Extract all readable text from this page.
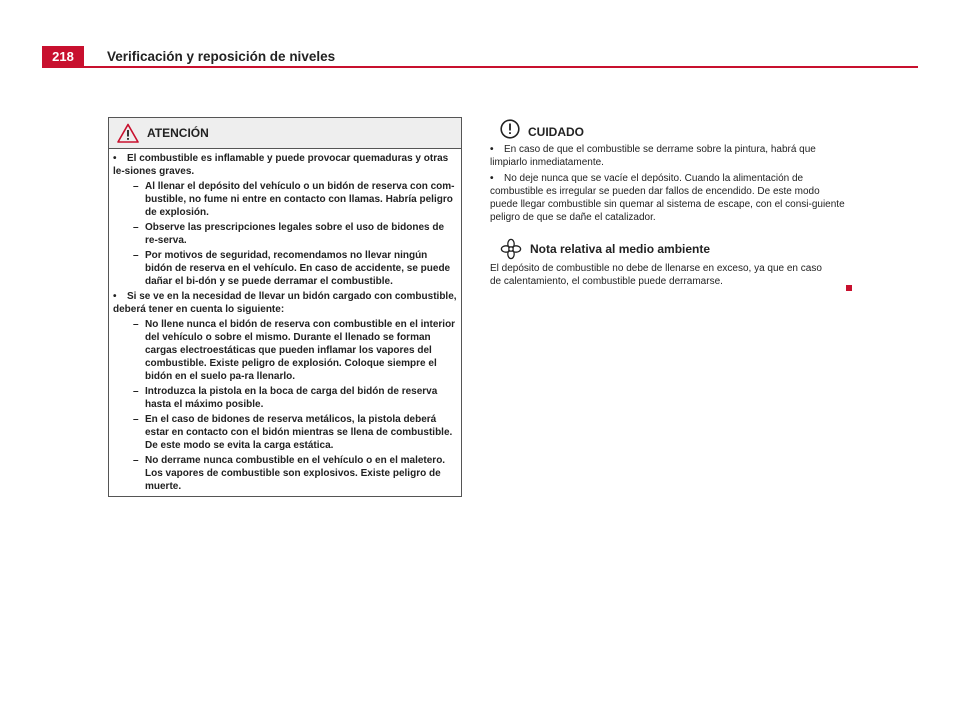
218	Verificación y reposición de niveles
ATENCIÓN
• El combustible es inflamable y puede provocar quemaduras y otras le-siones graves.
– Al llenar el depósito del vehículo o un bidón de reserva con com-bustible, no fume ni entre en contacto con llamas. Habría peligro de explosión.
– Observe las prescripciones legales sobre el uso de bidones de re-serva.
– Por motivos de seguridad, recomendamos no llevar ningún bidón de reserva en el vehículo. En caso de accidente, se puede dañar el bi-dón y se puede derramar el combustible.
• Si se ve en la necesidad de llevar un bidón cargado con combustible, deberá tener en cuenta lo siguiente:
– No llene nunca el bidón de reserva con combustible en el interior del vehículo o sobre el mismo. Durante el llenado se forman cargas electroestáticas que pueden inflamar los vapores del combustible. Existe peligro de explosión. Coloque siempre el bidón en el suelo pa-ra llenarlo.
– Introduzca la pistola en la boca de carga del bidón de reserva hasta el máximo posible.
– En el caso de bidones de reserva metálicos, la pistola deberá estar en contacto con el bidón mientras se llena de combustible. De este modo se evita la carga estática.
– No derrame nunca combustible en el vehículo o en el maletero. Los vapores de combustible son explosivos. Existe peligro de muerte.
CUIDADO
• En caso de que el combustible se derrame sobre la pintura, habrá que limpiarlo inmediatamente.
• No deje nunca que se vacíe el depósito. Cuando la alimentación de combustible es irregular se pueden dar fallos de encendido. De este modo puede llegar combustible sin quemar al sistema de escape, con el consi-guiente peligro de que se dañe el catalizador.
Nota relativa al medio ambiente
El depósito de combustible no debe de llenarse en exceso, ya que en caso de calentamiento, el combustible puede derramarse.
